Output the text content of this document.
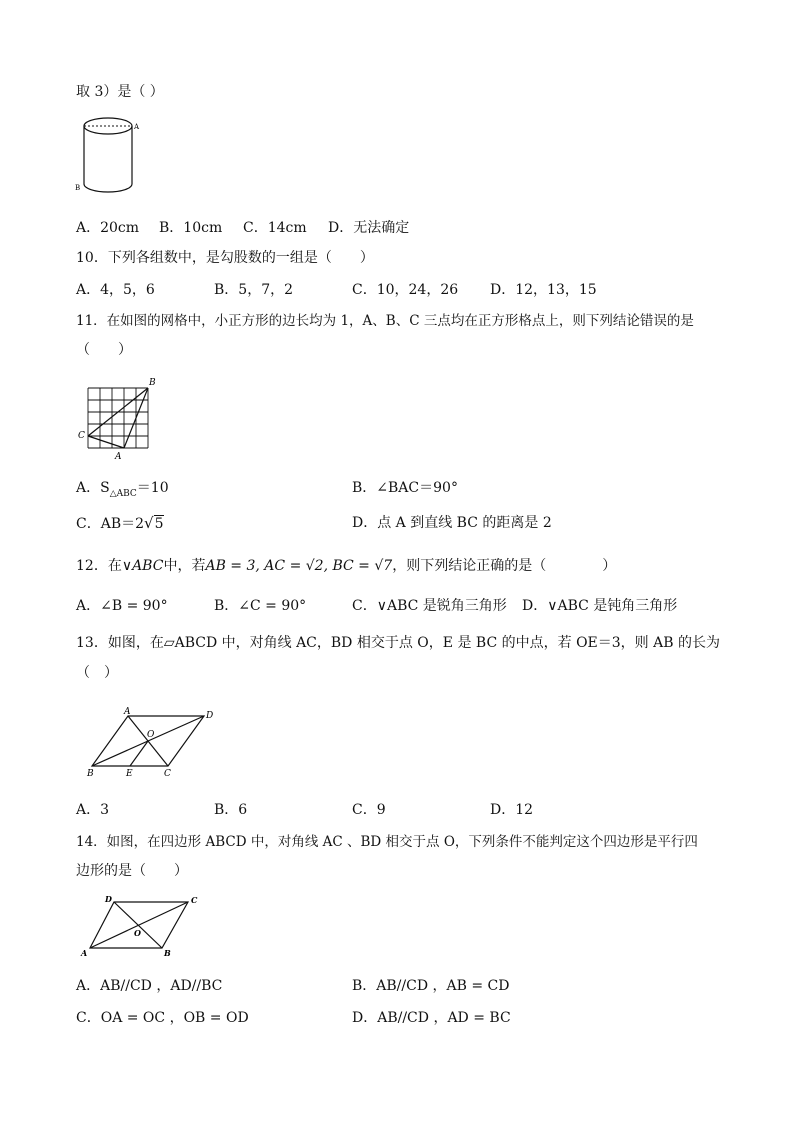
取 3）是（ ）
A
B
A．20cm B．10cm C．14cm D．无法确定
10．下列各组数中，是勾股数的一组是（　　）
A．4，5，6	B．5，7，2	C．10，24，26 D．12，13，15
11．在如图的网格中，小正方形的边长均为 1，A、B、C 三点均在正方形格点上，则下列结论错误的是
（　　）
B
C
A
A．$S_{\triangle ABC}=10$	B．∠BAC＝90°
C．AB＝2√5	D．点 A 到直线 BC 的距离是 2
12．在∨ABC中，若AB = 3, AC = √2, BC = √7，则下列结论正确的是（　　　　）
A．∠B = 90°	B．∠C = 90°	C．∨ABC 是锐角三角形 D．∨ABC 是钝角三角形
13．如图，在▱ABCD 中，对角线 AC，BD 相交于点 O，E 是 BC 的中点，若 OE＝3，则 AB 的长为
（　）
A	D
B	E	C
O
A．3	B．6	C．9	D．12
14．如图，在四边形 ABCD 中，对角线 AC 、BD 相交于点 O，下列条件不能判定这个四边形是平行四
边形的是（　　）
D	C
A	B
O
A．AB//CD ，AD//BC	B．AB//CD ，AB = CD
C．OA = OC ，OB = OD	D．AB//CD ，AD = BC
